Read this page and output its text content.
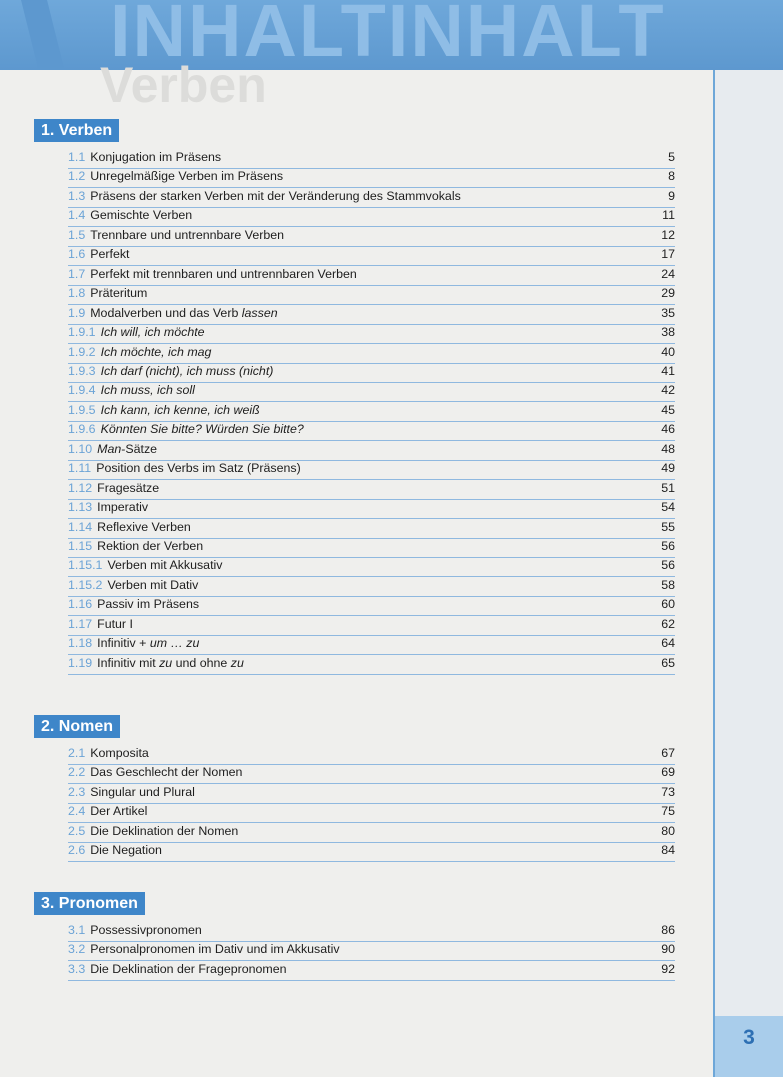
INHALTINHALT
Verben
3
1. Verben
1.1 Konjugation im Präsens	5
1.2 Unregelmäßige Verben im Präsens	8
1.3 Präsens der starken Verben mit der Veränderung des Stammvokals	9
1.4 Gemischte Verben	11
1.5 Trennbare und untrennbare Verben	12
1.6 Perfekt	17
1.7 Perfekt mit trennbaren und untrennbaren Verben	24
1.8 Präteritum	29
1.9 Modalverben und das Verb lassen	35
1.9.1 Ich will, ich möchte	38
1.9.2 Ich möchte, ich mag	40
1.9.3 Ich darf (nicht), ich muss (nicht)	41
1.9.4 Ich muss, ich soll	42
1.9.5 Ich kann, ich kenne, ich weiß	45
1.9.6 Könnten Sie bitte? Würden Sie bitte?	46
1.10 Man-Sätze	48
1.11 Position des Verbs im Satz (Präsens)	49
1.12 Fragesätze	51
1.13 Imperativ	54
1.14 Reflexive Verben	55
1.15 Rektion der Verben	56
1.15.1 Verben mit Akkusativ	56
1.15.2 Verben mit Dativ	58
1.16 Passiv im Präsens	60
1.17 Futur I	62
1.18 Infinitiv + um … zu	64
1.19 Infinitiv mit zu und ohne zu	65
2. Nomen
2.1 Komposita	67
2.2 Das Geschlecht der Nomen	69
2.3 Singular und Plural	73
2.4 Der Artikel	75
2.5 Die Deklination der Nomen	80
2.6 Die Negation	84
3. Pronomen
3.1 Possessivpronomen	86
3.2 Personalpronomen im Dativ und im Akkusativ	90
3.3 Die Deklination der Fragepronomen	92
